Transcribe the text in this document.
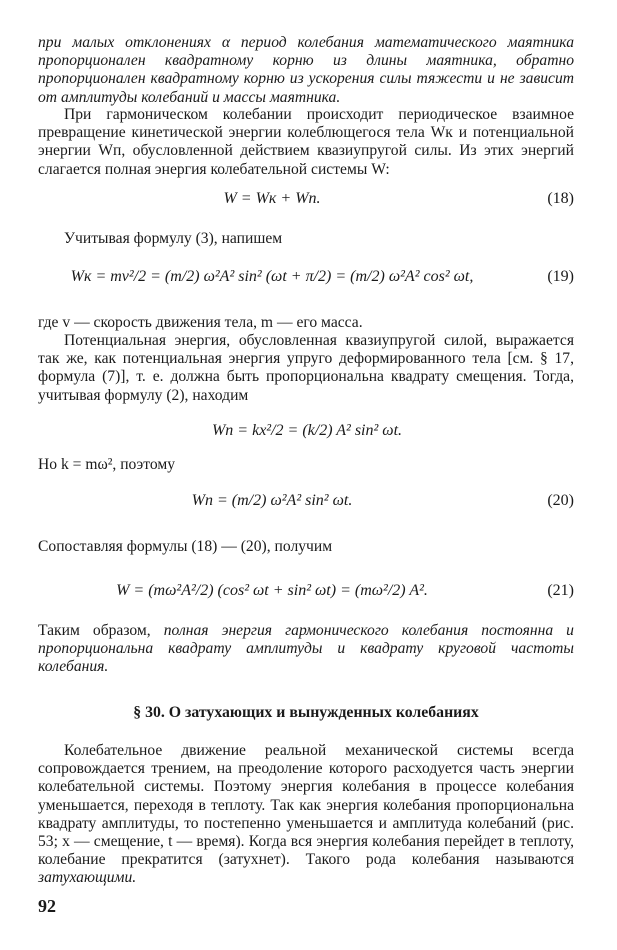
при малых отклонениях α период колебания математического маятника пропорционален квадратному корню из длины маятника, обратно пропорционален квадратному корню из ускорения силы тяжести и не зависит от амплитуды колебаний и массы маятника.

При гармоническом колебании происходит периодическое взаимное превращение кинетической энергии колеблющегося тела Wк и потенциальной энергии Wп, обусловленной действием квазиупругой силы. Из этих энергий слагается полная энергия колебательной системы W:

W = Wк + Wп.	(18)

Учитывая формулу (3), напишем

Wк = mv²/2 = (m/2) ω²A² sin² (ωt + π/2) = (m/2) ω²A² cos² ωt,	(19)

где v — скорость движения тела, m — его масса.

Потенциальная энергия, обусловленная квазиупругой силой, выражается так же, как потенциальная энергия упруго деформированного тела [см. § 17, формула (7)], т. е. должна быть пропорциональна квадрату смещения. Тогда, учитывая формулу (2), находим

Wп = kx²/2 = (k/2) A² sin² ωt.

Но k = mω², поэтому

Wп = (m/2) ω²A² sin² ωt.	(20)

Сопоставляя формулы (18) — (20), получим

W = (mω²A²/2) (cos² ωt + sin² ωt) = (mω²/2) A².	(21)

Таким образом, полная энергия гармонического колебания постоянна и пропорциональна квадрату амплитуды и квадрату круговой частоты колебания.

§ 30. О затухающих и вынужденных колебаниях

Колебательное движение реальной механической системы всегда сопровождается трением, на преодоление которого расходуется часть энергии колебательной системы. Поэтому энергия колебания в процессе колебания уменьшается, переходя в теплоту. Так как энергия колебания пропорциональна квадрату амплитуды, то постепенно уменьшается и амплитуда колебаний (рис. 53; x — смещение, t — время). Когда вся энергия колебания перейдет в теплоту, колебание прекратится (затухнет). Такого рода колебания называются затухающими.

92
